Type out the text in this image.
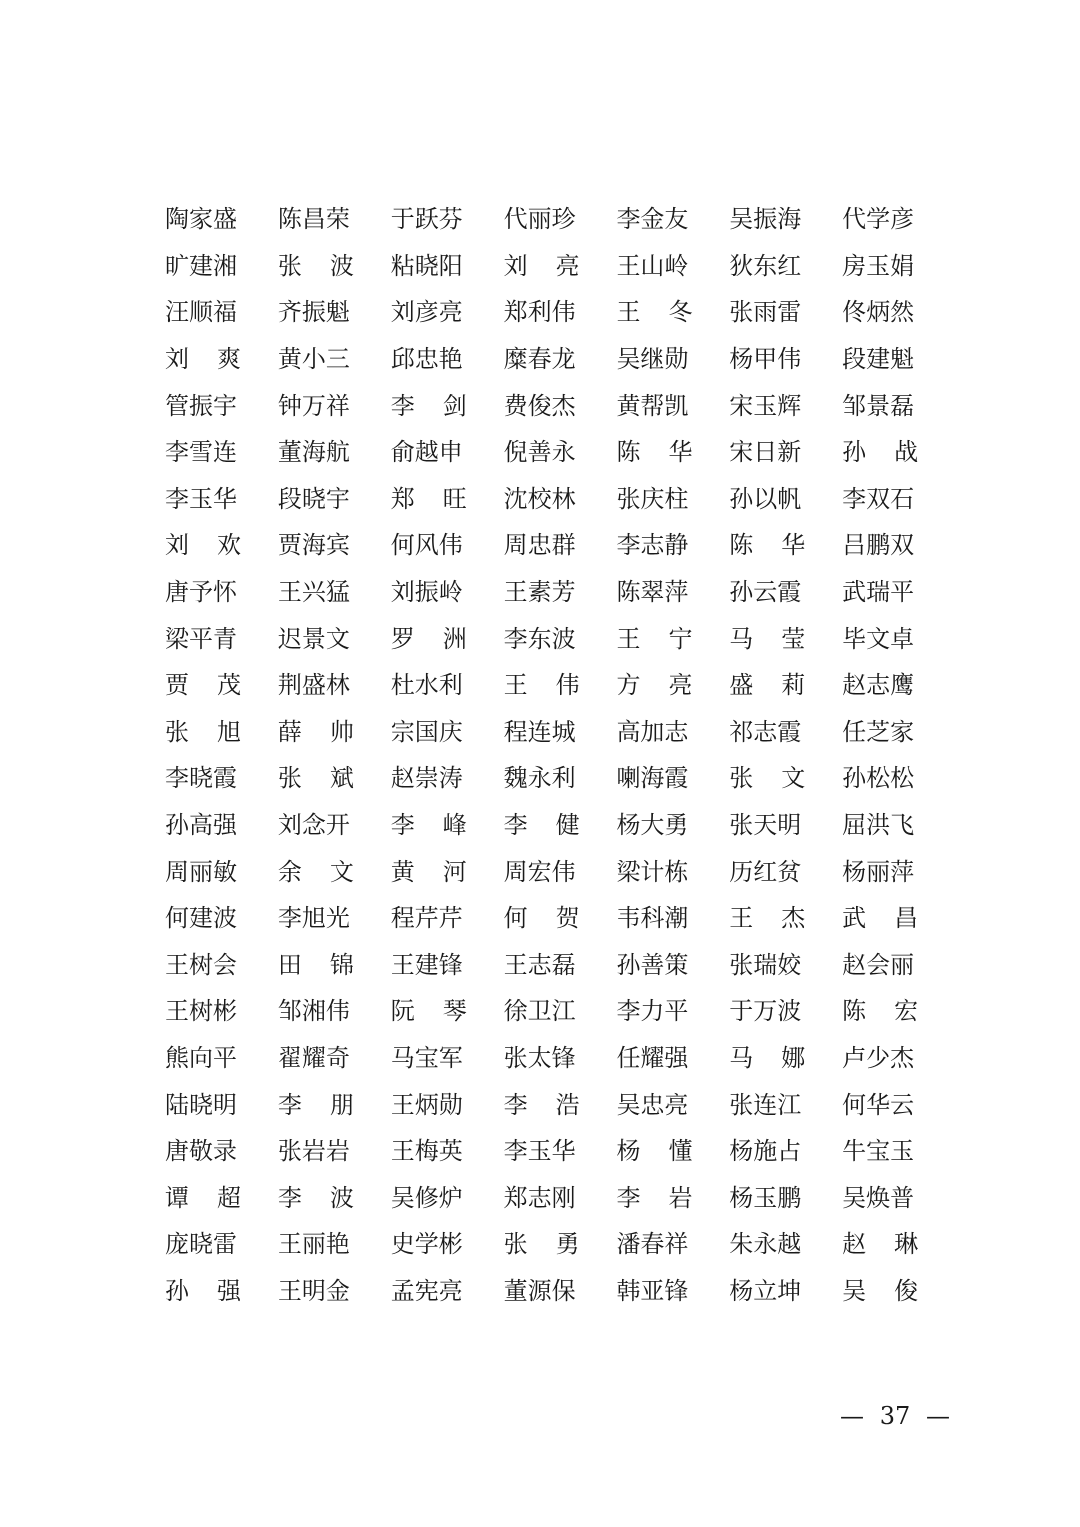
陶家盛 陈昌荣 于跃芬 代丽珍 李金友 吴振海 代学彦
旷建湘 张 波 粘晓阳 刘 亮 王山岭 狄东红 房玉娟
汪顺福 齐振魁 刘彦亮 郑利伟 王 冬 张雨雷 佟炳然
刘 爽 黄小三 邱忠艳 糜春龙 吴继勋 杨甲伟 段建魁
管振宇 钟万祥 李 剑 费俊杰 黄帮凯 宋玉辉 邹景磊
李雪连 董海航 俞越申 倪善永 陈 华 宋日新 孙 战
李玉华 段晓宇 郑 旺 沈校林 张庆柱 孙以帆 李双石
刘 欢 贾海宾 何风伟 周忠群 李志静 陈 华 吕鹏双
唐予怀 王兴猛 刘振岭 王素芳 陈翠萍 孙云霞 武瑞平
梁平青 迟景文 罗 洲 李东波 王 宁 马 莹 毕文卓
贾 茂 荆盛林 杜水利 王 伟 方 亮 盛 莉 赵志鹰
张 旭 薛 帅 宗国庆 程连城 高加志 祁志霞 任芝家
李晓霞 张 斌 赵崇涛 魏永利 喇海霞 张 文 孙松松
孙高强 刘念开 李 峰 李 健 杨大勇 张天明 屈洪飞
周丽敏 余 文 黄 河 周宏伟 梁计栋 历红贫 杨丽萍
何建波 李旭光 程芹芹 何 贺 韦科潮 王 杰 武 昌
王树会 田 锦 王建锋 王志磊 孙善策 张瑞姣 赵会丽
王树彬 邹湘伟 阮 琴 徐卫江 李力平 于万波 陈 宏
熊向平 翟耀奇 马宝军 张太锋 任耀强 马 娜 卢少杰
陆晓明 李 朋 王炳勋 李 浩 吴忠亮 张连江 何华云
唐敬录 张岩岩 王梅英 李玉华 杨 懂 杨施占 牛宝玉
谭 超 李 波 吴修炉 郑志刚 李 岩 杨玉鹏 吴焕普
庞晓雷 王丽艳 史学彬 张 勇 潘春祥 朱永越 赵 琳
孙 强 王明金 孟宪亮 董源保 韩亚锋 杨立坤 吴 俊
— 37 —
